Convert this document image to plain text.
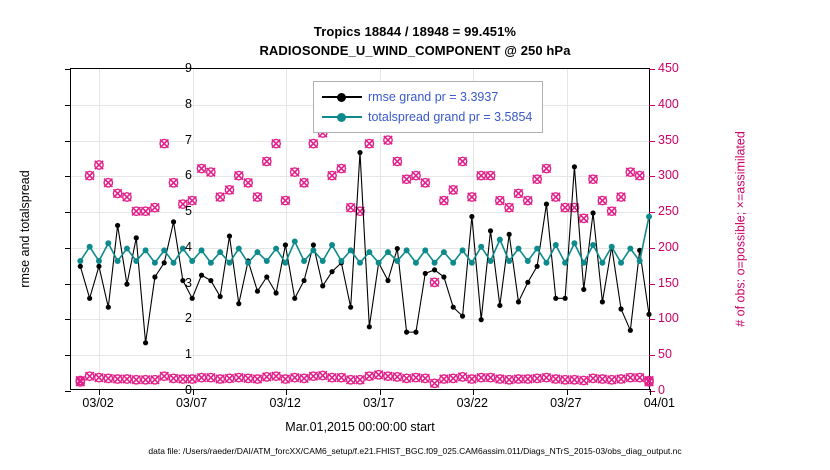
Tropics 18844 / 18948 = 99.451%
RADIOSONDE_U_WIND_COMPONENT @ 250 hPa
rmse and totalspread	# of obs: o=possible; ×=assimilated
rmse grand pr = 3.3937
totalspread grand pr = 3.5854
0
1
2
3
4
5
6
7
8
9
0
50
100
150
200
250
300
350
400
450
03/02	03/07	03/12	03/17	03/22	03/27	04/01
Mar.01,2015 00:00:00 start
data file: /Users/raeder/DAI/ATM_forcXX/CAM6_setup/f.e21.FHIST_BGC.f09_025.CAM6assim.011/Diags_NTrS_2015-03/obs_diag_output.nc
